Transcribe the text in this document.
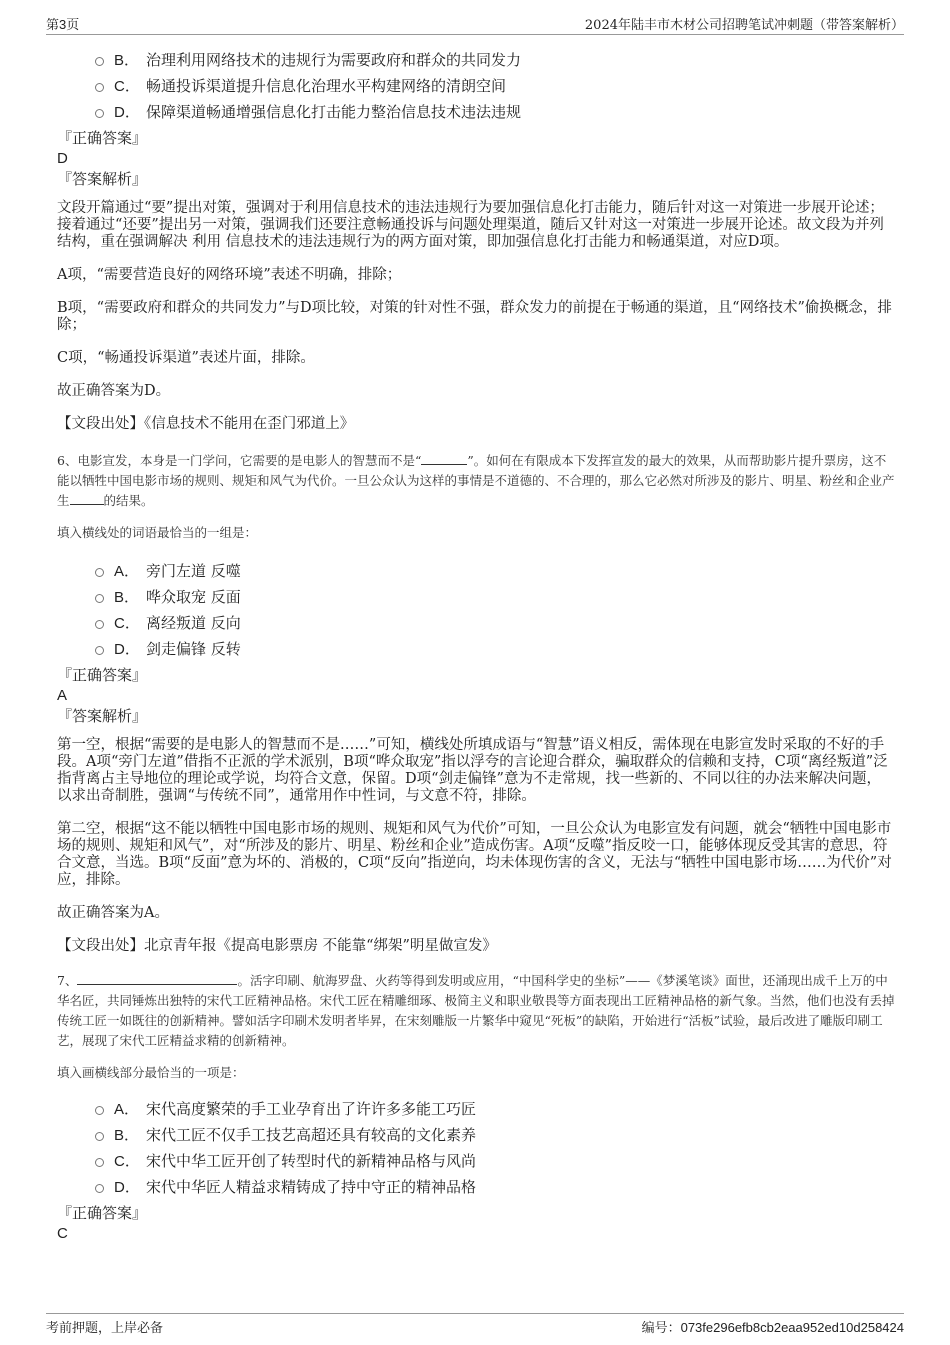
第3页	2024年陆丰市木材公司招聘笔试冲刺题（带答案解析）
B． 治理利用网络技术的违规行为需要政府和群众的共同发力
C． 畅通投诉渠道提升信息化治理水平构建网络的清朗空间
D． 保障渠道畅通增强信息化打击能力整治信息技术违法违规
『正确答案』
D
『答案解析』

文段开篇通过“要”提出对策，强调对于利用信息技术的违法违规行为要加强信息化打击能力，随后针对这一对策进一步展开论述；接着通过“还要”提出另一对策，强调我们还要注意畅通投诉与问题处理渠道，随后又针对这一对策进一步展开论述。故文段为并列结构，重在强调解决 利用 信息技术的违法违规行为的两方面对策，即加强信息化打击能力和畅通渠道，对应D项。

A项，“需要营造良好的网络环境”表述不明确，排除；

B项，“需要政府和群众的共同发力”与D项比较，对策的针对性不强，群众发力的前提在于畅通的渠道，且“网络技术”偷换概念，排除；

C项，“畅通投诉渠道”表述片面，排除。

故正确答案为D。

【文段出处】《信息技术不能用在歪门邪道上》

6、电影宣发，本身是一门学问，它需要的是电影人的智慧而不是“	”。如何在有限成本下发挥宣发的最大的效果，从而帮助影片提升票房，这不能以牺牲中国电影市场的规则、规矩和风气为代价。一旦公众认为这样的事情是不道德的、不合理的，那么它必然对所涉及的影片、明星、粉丝和企业产生	的结果。

填入横线处的词语最恰当的一组是：

A． 旁门左道 反噬
B． 哗众取宠 反面
C． 离经叛道 反向
D． 剑走偏锋 反转
『正确答案』
A
『答案解析』

第一空，根据“需要的是电影人的智慧而不是……”可知，横线处所填成语与“智慧”语义相反，需体现在电影宣发时采取的不好的手段。A项“旁门左道”借指不正派的学术派别，B项“哗众取宠”指以浮夸的言论迎合群众，骗取群众的信赖和支持，C项“离经叛道”泛指背离占主导地位的理论或学说，均符合文意，保留。D项“剑走偏锋”意为不走常规，找一些新的、不同以往的办法来解决问题，以求出奇制胜，强调“与传统不同”，通常用作中性词，与文意不符，排除。

第二空，根据“这不能以牺牲中国电影市场的规则、规矩和风气为代价”可知，一旦公众认为电影宣发有问题，就会“牺牲中国电影市场的规则、规矩和风气”，对“所涉及的影片、明星、粉丝和企业”造成伤害。A项“反噬”指反咬一口，能够体现反受其害的意思，符合文意，当选。B项“反面”意为坏的、消极的，C项“反向”指逆向，均未体现伤害的含义，无法与“牺牲中国电影市场……为代价”对应，排除。

故正确答案为A。

【文段出处】北京青年报《提高电影票房 不能靠“绑架”明星做宣发》

7、	。活字印刷、航海罗盘、火药等得到发明或应用，“中国科学史的坐标”——《梦溪笔谈》面世，还涌现出成千上万的中华名匠，共同锤炼出独特的宋代工匠精神品格。宋代工匠在精雕细琢、极简主义和职业敬畏等方面表现出工匠精神品格的新气象。当然，他们也没有丢掉传统工匠一如既往的创新精神。譬如活字印刷术发明者毕昇，在宋刻雕版一片繁华中窥见“死板”的缺陷，开始进行“活板”试验，最后改进了雕版印刷工艺，展现了宋代工匠精益求精的创新精神。

填入画横线部分最恰当的一项是：

A． 宋代高度繁荣的手工业孕育出了许许多多能工巧匠
B． 宋代工匠不仅手工技艺高超还具有较高的文化素养
C． 宋代中华工匠开创了转型时代的新精神品格与风尚
D． 宋代中华匠人精益求精铸成了持中守正的精神品格
『正确答案』
C
考前押题，上岸必备	编号：073fe296efb8cb2eaa952ed10d258424
